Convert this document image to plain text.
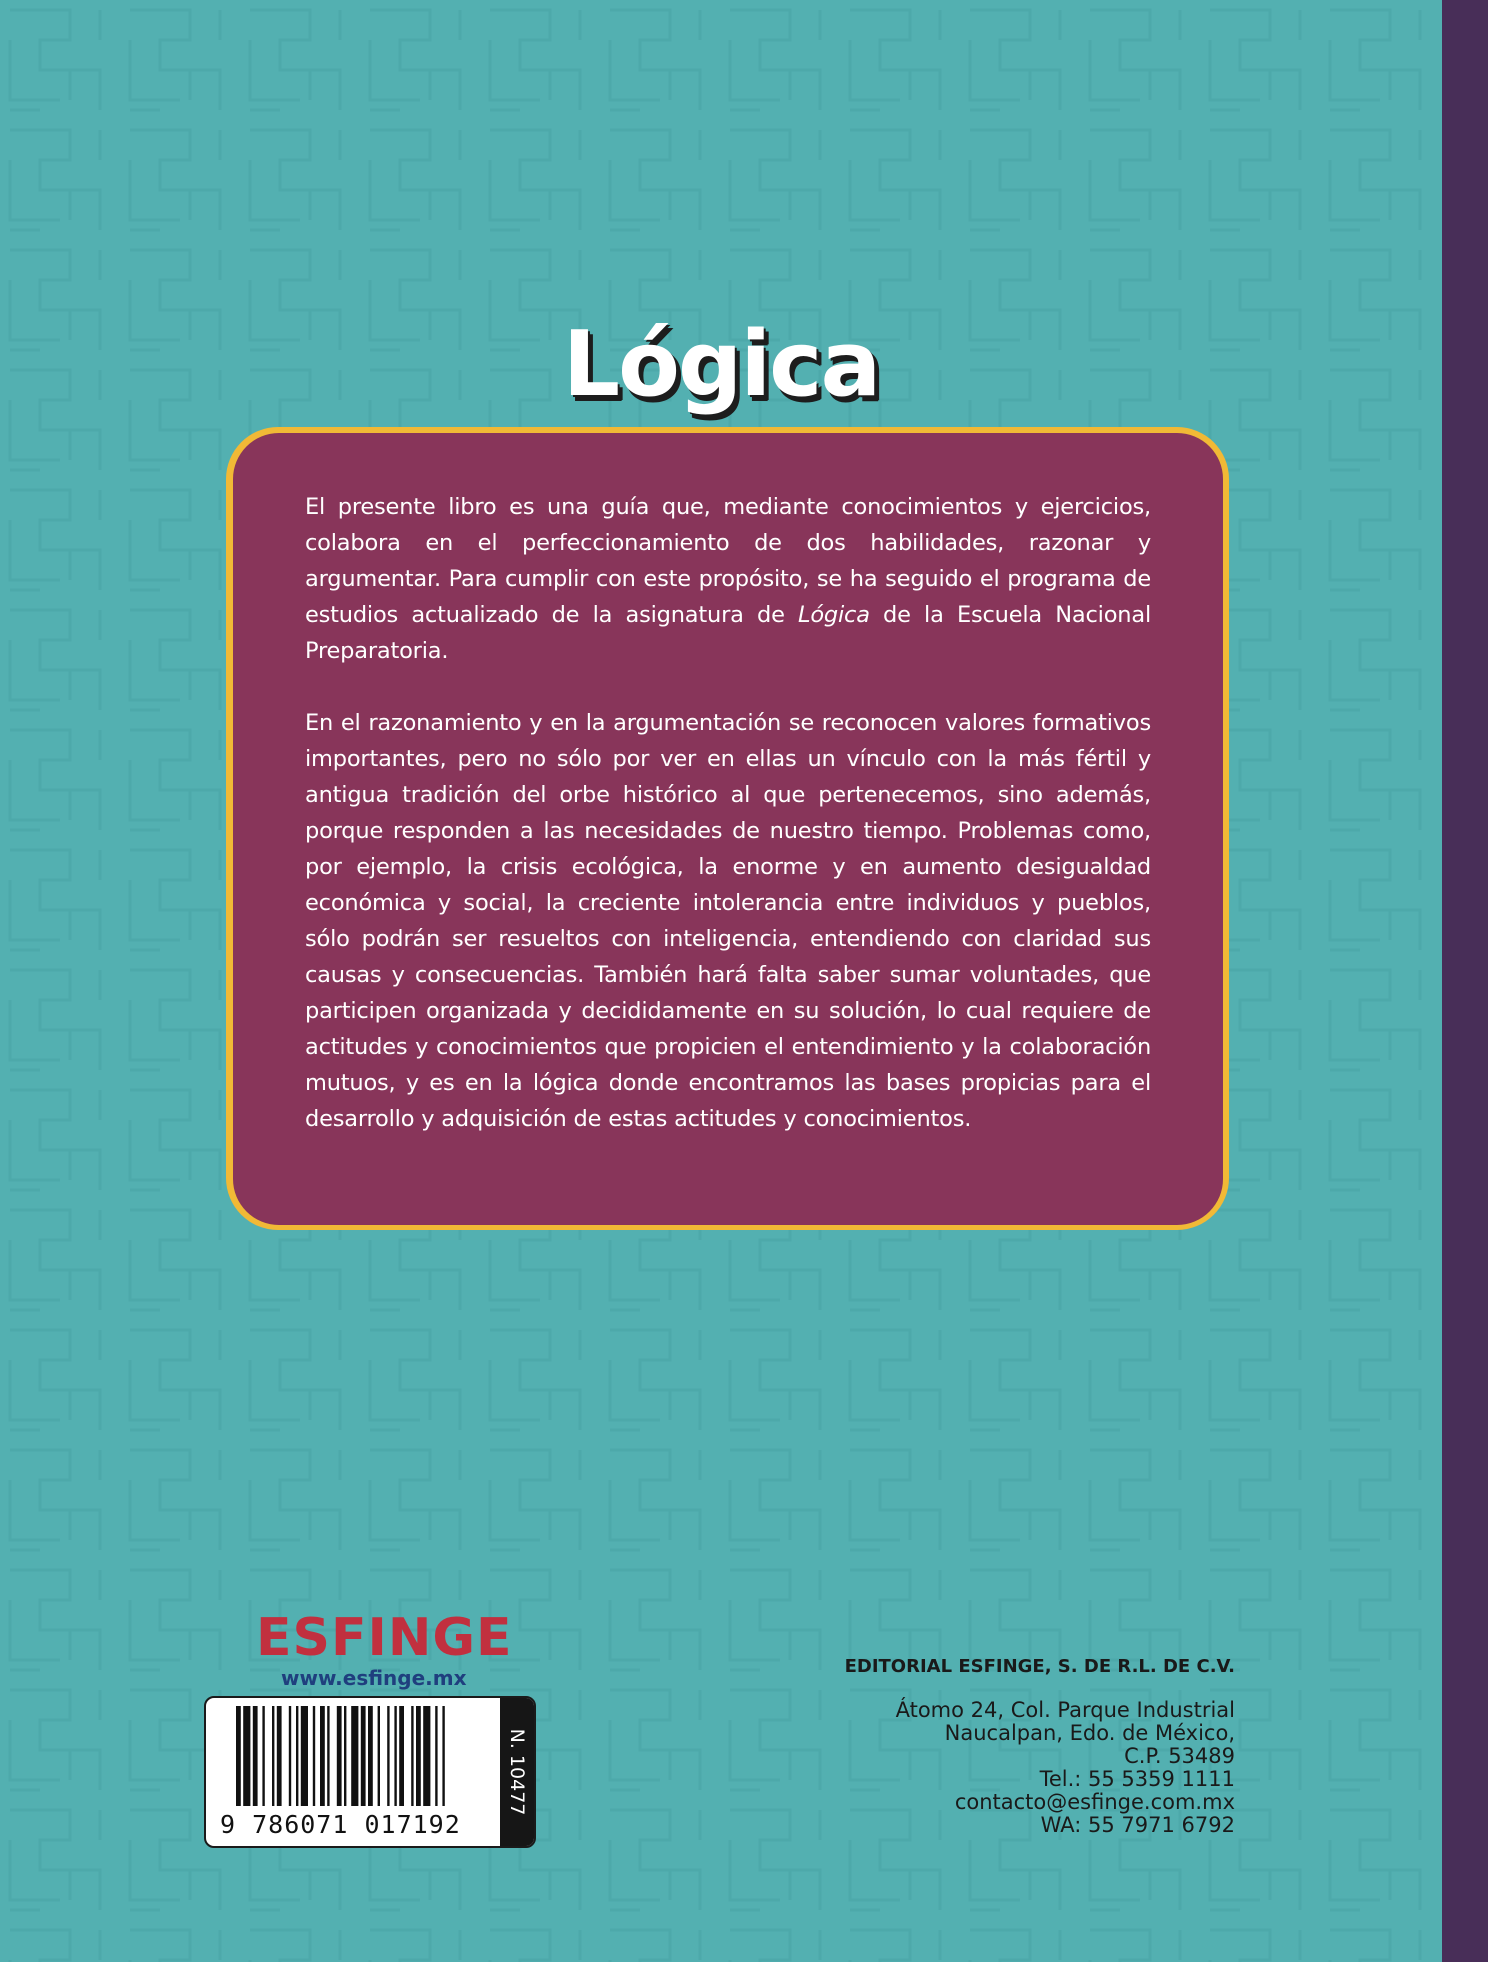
Lógica

El presente libro es una guía que, mediante conocimientos y ejercicios, colabora en el perfeccionamiento de dos habilidades, razonar y argumentar. Para cumplir con este propósito, se ha seguido el programa de estudios actualizado de la asignatura de Lógica de la Escuela Nacional Preparatoria.

En el razonamiento y en la argumentación se reconocen valores formativos importantes, pero no sólo por ver en ellas un vínculo con la más fértil y antigua tradición del orbe histórico al que pertenecemos, sino además, porque responden a las necesidades de nuestro tiempo. Problemas como, por ejemplo, la crisis ecológica, la enorme y en aumento desigualdad económica y social, la creciente intolerancia entre individuos y pueblos, sólo podrán ser resueltos con inteligencia, entendiendo con claridad sus causas y consecuencias. También hará falta saber sumar voluntades, que participen organizada y decididamente en su solución, lo cual requiere de actitudes y conocimientos que propicien el entendimiento y la colaboración mutuos, y es en la lógica donde encontramos las bases propicias para el desarrollo y adquisición de estas actitudes y conocimientos.

ESFINGE
www.esfinge.mx
9 786071 017192
N. 10477
EDITORIAL ESFINGE, S. DE R.L. DE C.V.
Átomo 24, Col. Parque Industrial
Naucalpan, Edo. de México,
C.P. 53489
Tel.: 55 5359 1111
contacto@esfinge.com.mx
WA: 55 7971 6792
